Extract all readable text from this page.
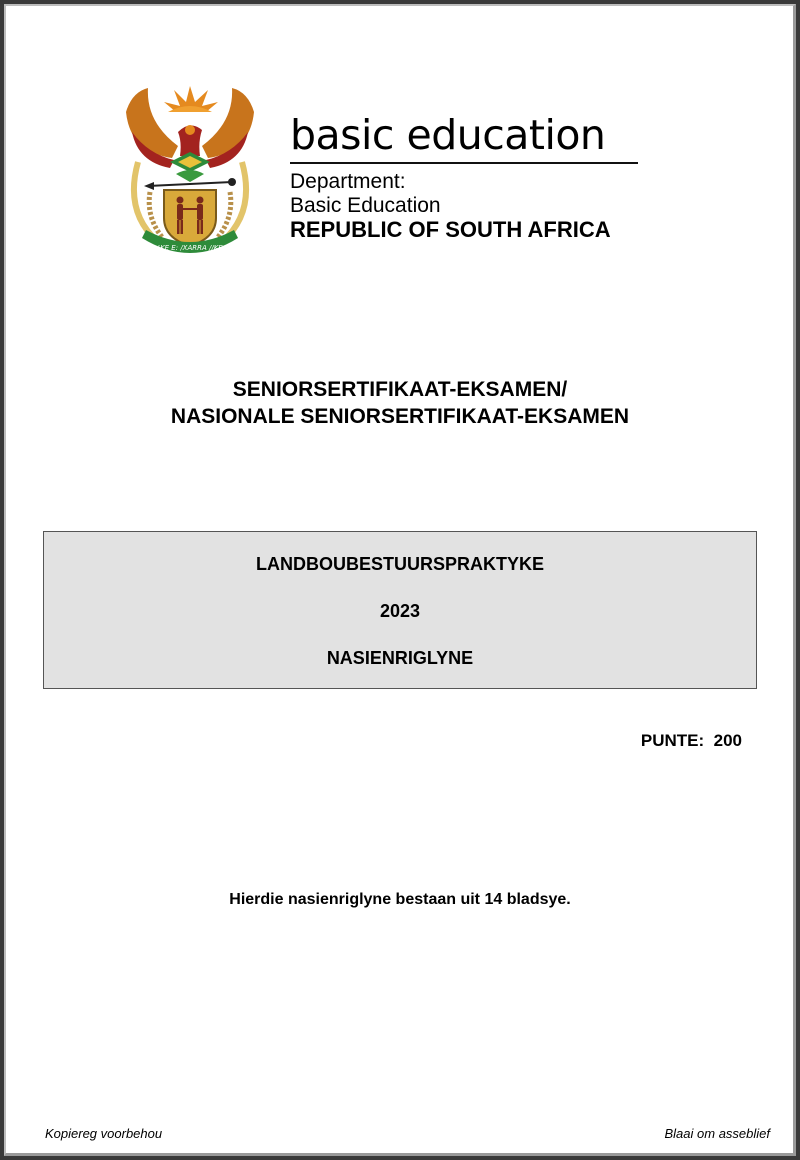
!KE E: /XARRA //KE
basic education
Department:
Basic Education
REPUBLIC OF SOUTH AFRICA
SENIORSERTIFIKAAT-EKSAMEN/
NASIONALE SENIORSERTIFIKAAT-EKSAMEN
LANDBOUBESTUURSPRAKTYKE
2023
NASIENRIGLYNE
PUNTE:  200
Hierdie nasienriglyne bestaan uit 14 bladsye.
Kopiereg voorbehou	Blaai om asseblief
